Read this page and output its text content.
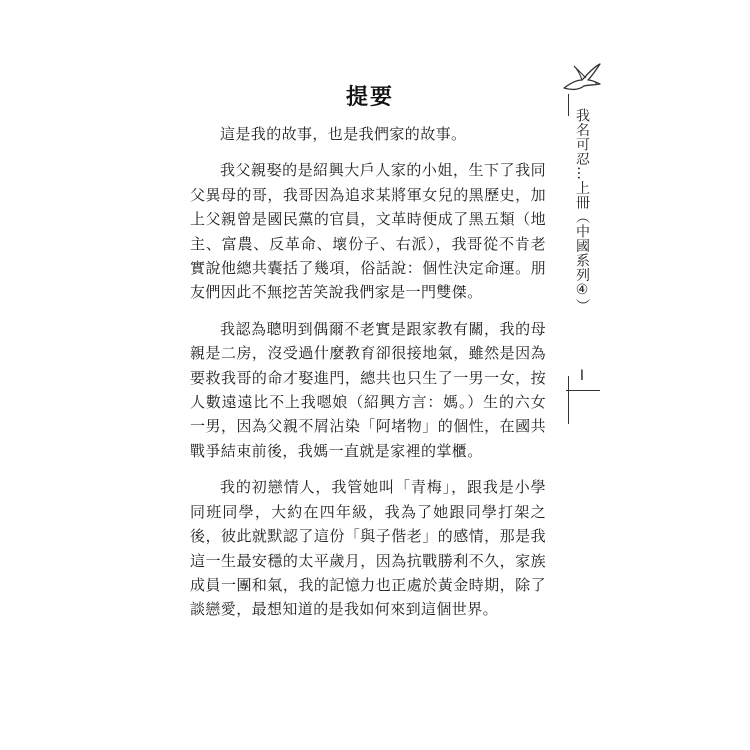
提要

這是我的故事，也是我們家的故事。

我父親娶的是紹興大戶人家的小姐，生下了我同父異母的哥，我哥因為追求某將軍女兒的黑歷史，加上父親曾是國民黨的官員，文革時便成了黑五類（地主、富農、反革命、壞份子、右派），我哥從不肯老實說他總共囊括了幾項，俗話說：個性決定命運。朋友們因此不無挖苦笑說我們家是一門雙傑。

我認為聰明到偶爾不老實是跟家教有關，我的母親是二房，沒受過什麼教育卻很接地氣，雖然是因為要救我哥的命才娶進門，總共也只生了一男一女，按人數遠遠比不上我嗯娘（紹興方言：媽。）生的六女一男，因為父親不屑沾染「阿堵物」的個性，在國共戰爭結束前後，我媽一直就是家裡的掌櫃。

我的初戀情人，我管她叫「青梅」，跟我是小學同班同學，大約在四年級，我為了她跟同學打架之後，彼此就默認了這份「與子偕老」的感情，那是我這一生最安穩的太平歲月，因為抗戰勝利不久，家族成員一團和氣，我的記憶力也正處於黃金時期，除了談戀愛，最想知道的是我如何來到這個世界。

我名可忍…上冊（中國系列④）
I
